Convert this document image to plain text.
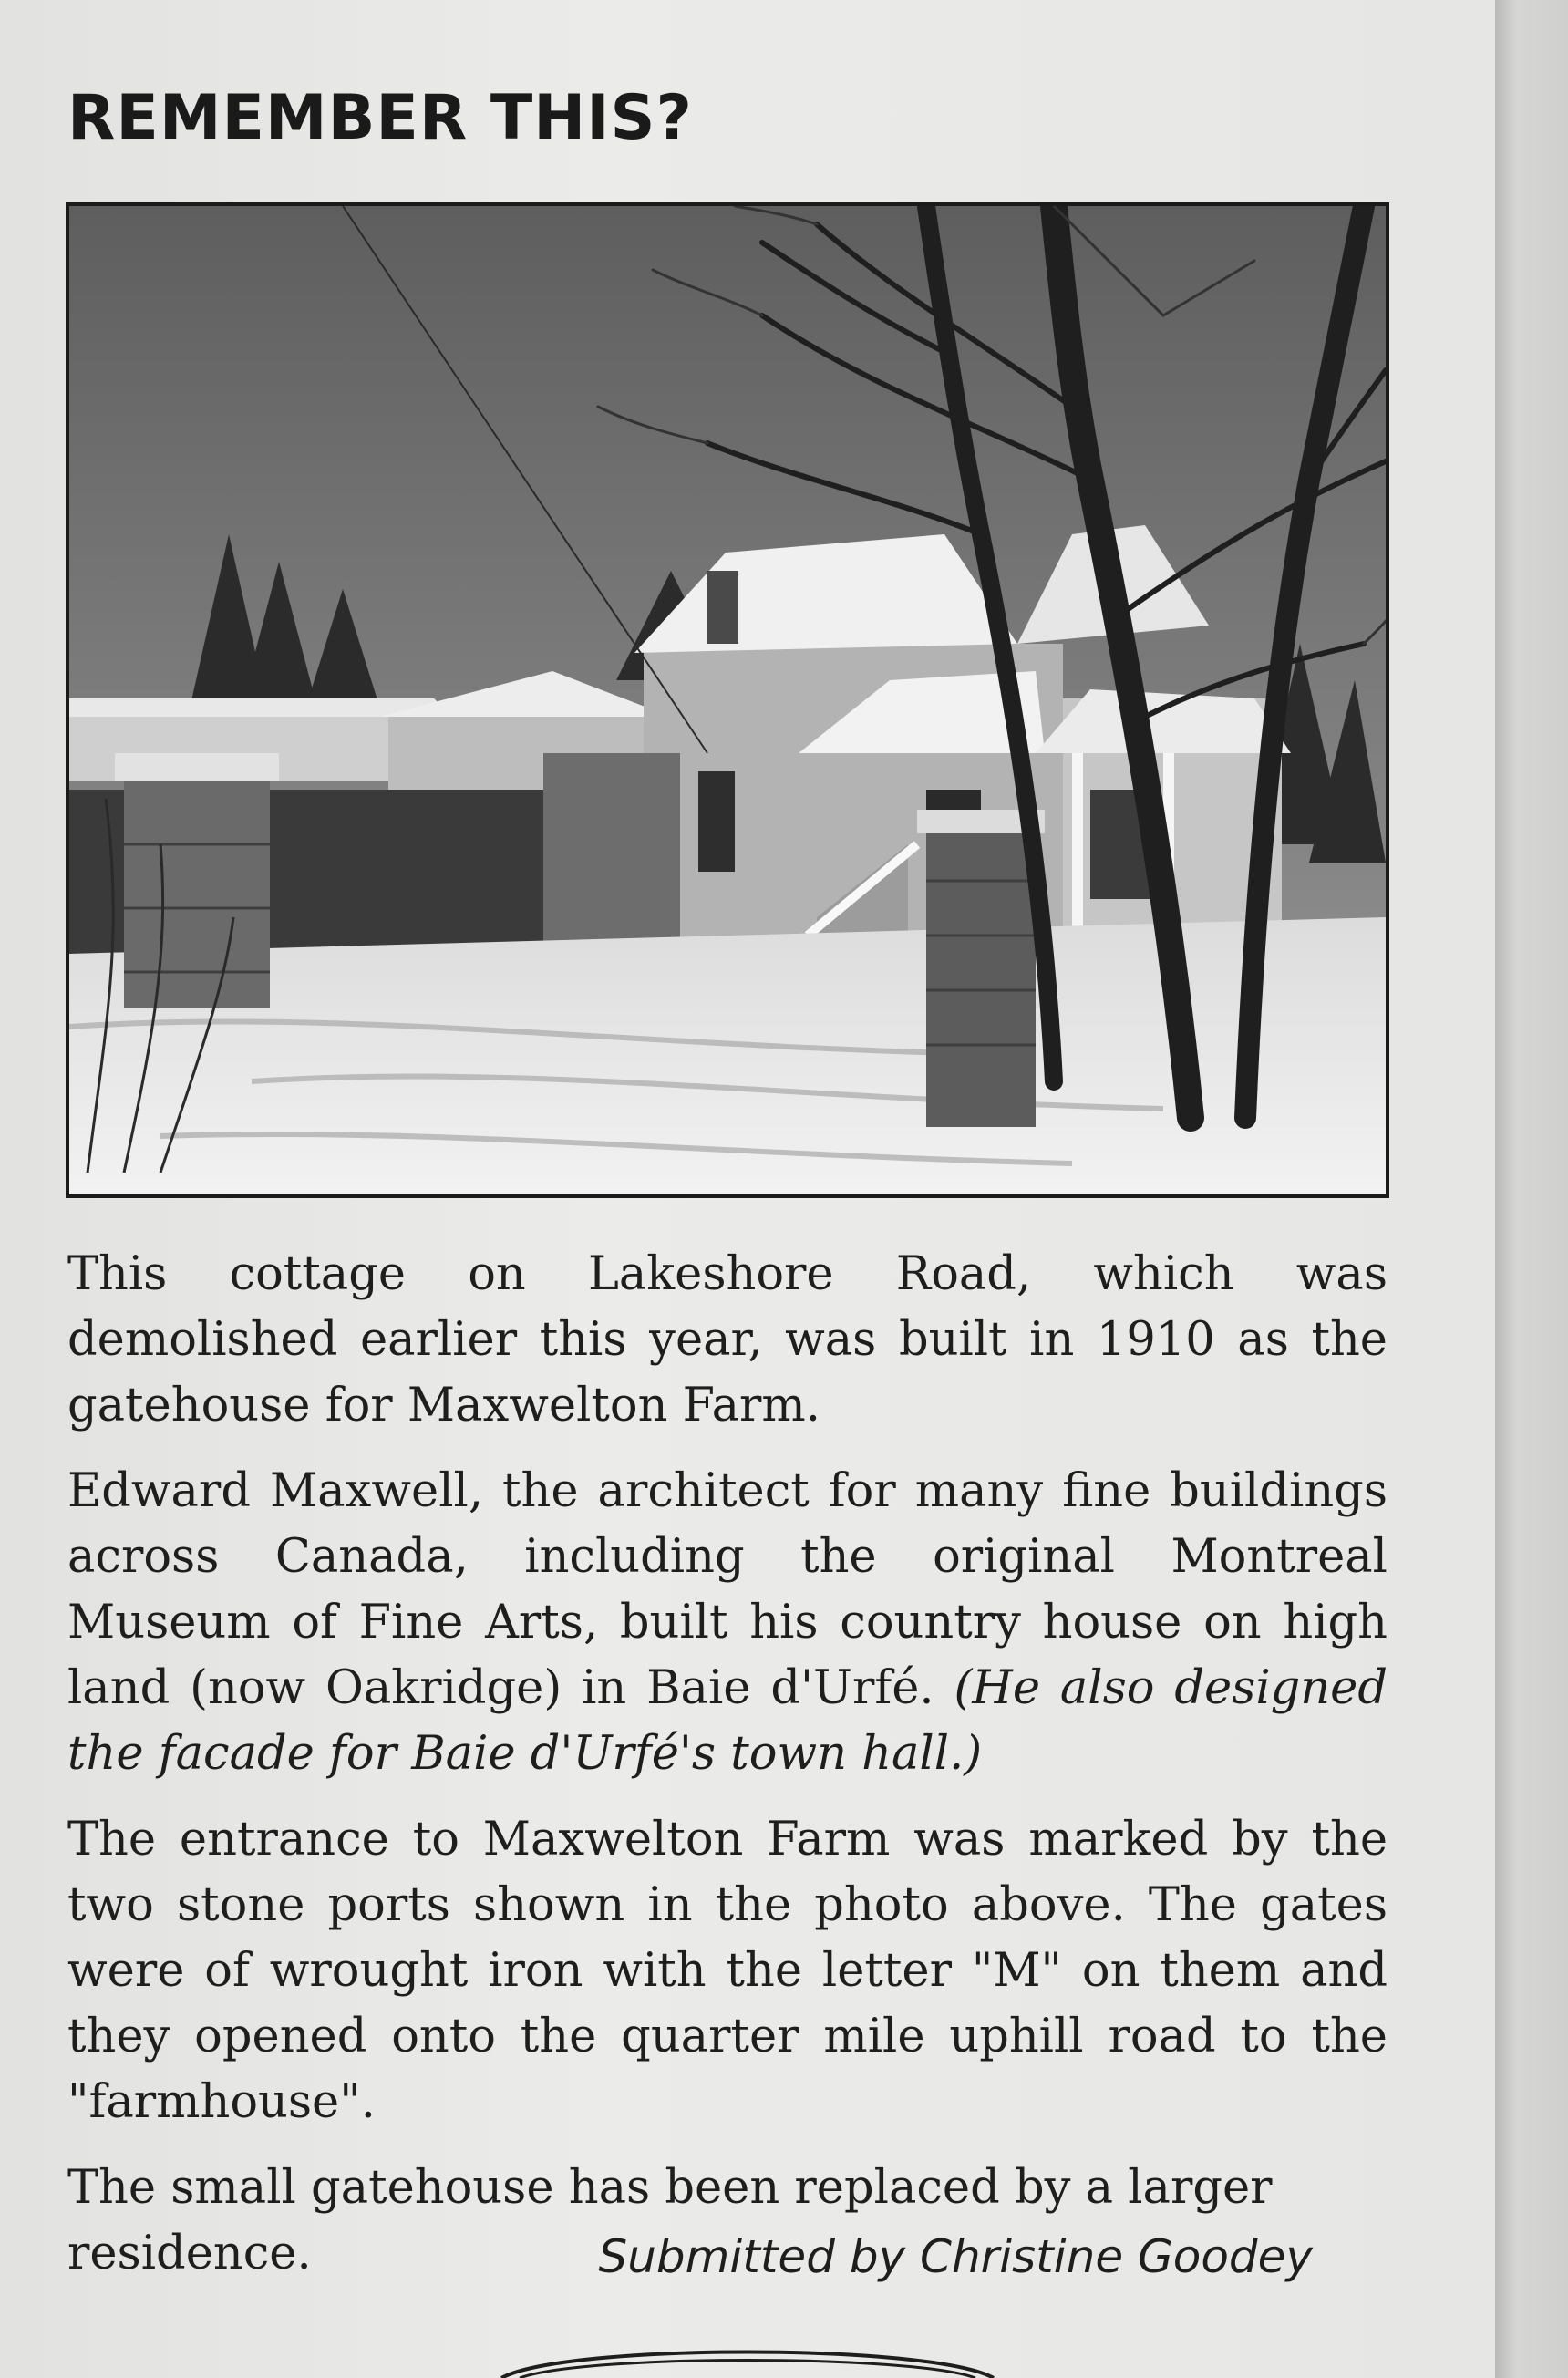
REMEMBER THIS?

This cottage on Lakeshore Road, which was demolished earlier this year, was built in 1910 as the gatehouse for Maxwelton Farm.

Edward Maxwell, the architect for many fine buildings across Canada, including the original Montreal Museum of Fine Arts, built his country house on high land (now Oakridge) in Baie d'Urfé. (He also designed the facade for Baie d'Urfé's town hall.)

The entrance to Maxwelton Farm was marked by the two stone ports shown in the photo above. The gates were of wrought iron with the letter "M" on them and they opened onto the quarter mile uphill road to the "farmhouse".

The small gatehouse has been replaced by a larger residence.	Submitted by Christine Goodey
